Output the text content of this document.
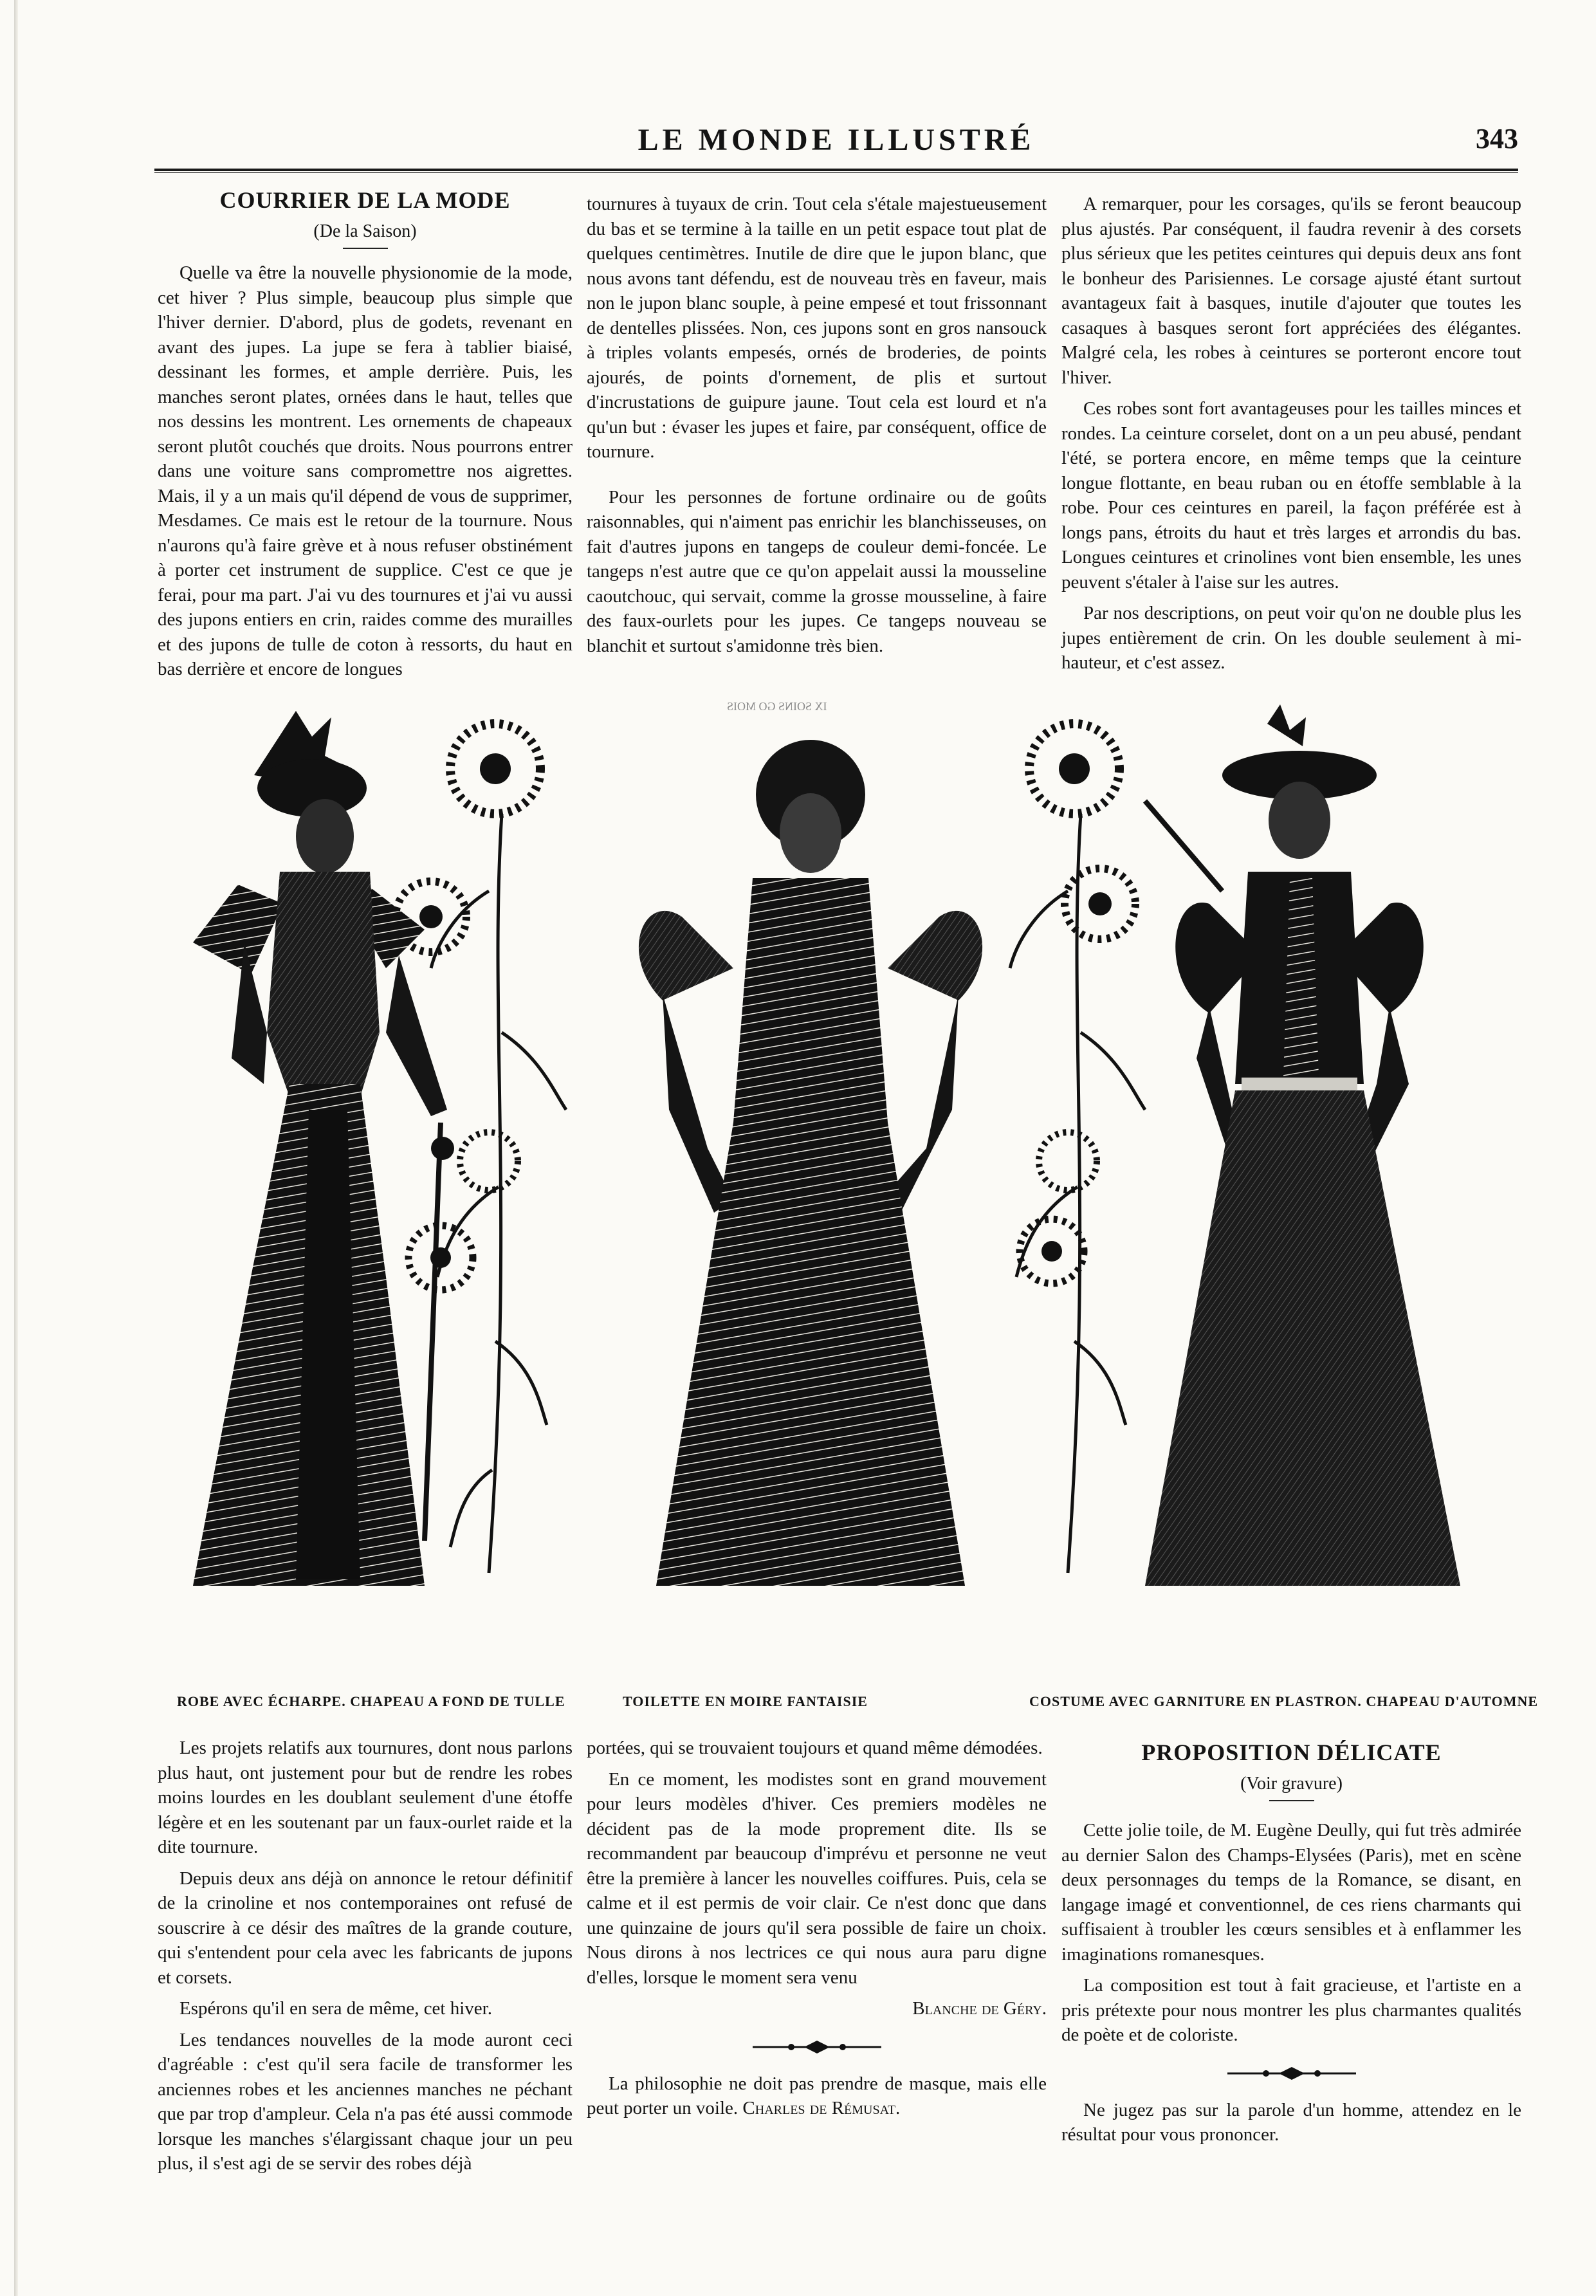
LE MONDE ILLUSTRÉ	343

COURRIER DE LA MODE

(De la Saison)

Quelle va être la nouvelle physionomie de la mode, cet hiver ? Plus simple, beaucoup plus simple que l'hiver dernier. D'abord, plus de godets, revenant en avant des jupes. La jupe se fera à tablier biaisé, dessinant les formes, et ample derrière. Puis, les manches seront plates, ornées dans le haut, telles que nos dessins les montrent. Les ornements de chapeaux seront plutôt couchés que droits. Nous pourrons entrer dans une voiture sans compromettre nos aigrettes. Mais, il y a un mais qu'il dépend de vous de supprimer, Mesdames. Ce mais est le retour de la tournure. Nous n'aurons qu'à faire grève et à nous refuser obstinément à porter cet instrument de supplice. C'est ce que je ferai, pour ma part. J'ai vu des tournures et j'ai vu aussi des jupons entiers en crin, raides comme des murailles et des jupons de tulle de coton à ressorts, du haut en bas derrière et encore de longues

tournures à tuyaux de crin. Tout cela s'étale majestueusement du bas et se termine à la taille en un petit espace tout plat de quelques centimètres. Inutile de dire que le jupon blanc, que nous avons tant défendu, est de nouveau très en faveur, mais non le jupon blanc souple, à peine empesé et tout frissonnant de dentelles plissées. Non, ces jupons sont en gros nansouck à triples volants empesés, ornés de broderies, de points ajourés, de points d'ornement, de plis et surtout d'incrustations de guipure jaune. Tout cela est lourd et n'a qu'un but : évaser les jupes et faire, par conséquent, office de tournure.

Pour les personnes de fortune ordinaire ou de goûts raisonnables, qui n'aiment pas enrichir les blanchisseuses, on fait d'autres jupons en tangeps de couleur demi-foncée. Le tangeps n'est autre que ce qu'on appelait aussi la mousseline caoutchouc, qui servait, comme la grosse mousseline, à faire des faux-ourlets pour les jupes. Ce tangeps nouveau se blanchit et surtout s'amidonne très bien.

A remarquer, pour les corsages, qu'ils se feront beaucoup plus ajustés. Par conséquent, il faudra revenir à des corsets plus sérieux que les petites ceintures qui depuis deux ans font le bonheur des Parisiennes. Le corsage ajusté étant surtout avantageux fait à basques, inutile d'ajouter que toutes les casaques à basques seront fort appréciées des élégantes. Malgré cela, les robes à ceintures se porteront encore tout l'hiver.

Ces robes sont fort avantageuses pour les tailles minces et rondes. La ceinture corselet, dont on a un peu abusé, pendant l'été, se portera encore, en même temps que la ceinture longue flottante, en beau ruban ou en étoffe semblable à la robe. Pour ces ceintures en pareil, la façon préférée est à longs pans, étroits du haut et très larges et arrondis du bas. Longues ceintures et crinolines vont bien ensemble, les unes peuvent s'étaler à l'aise sur les autres.

Par nos descriptions, on peut voir qu'on ne double plus les jupes entièrement de crin. On les double seulement à mi-hauteur, et c'est assez.

IX SOINS GO MOIS
ROBE AVEC ÉCHARPE. CHAPEAU A FOND DE TULLE	TOILETTE EN MOIRE FANTAISIE	COSTUME AVEC GARNITURE EN PLASTRON. CHAPEAU D'AUTOMNE

Les projets relatifs aux tournures, dont nous parlons plus haut, ont justement pour but de rendre les robes moins lourdes en les doublant seulement d'une étoffe légère et en les soutenant par un faux-ourlet raide et la dite tournure.

Depuis deux ans déjà on annonce le retour définitif de la crinoline et nos contemporaines ont refusé de souscrire à ce désir des maîtres de la grande couture, qui s'entendent pour cela avec les fabricants de jupons et corsets.

Espérons qu'il en sera de même, cet hiver.

Les tendances nouvelles de la mode auront ceci d'agréable : c'est qu'il sera facile de transformer les anciennes robes et les anciennes manches ne péchant que par trop d'ampleur. Cela n'a pas été aussi commode lorsque les manches s'élargissant chaque jour un peu plus, il s'est agi de se servir des robes déjà

portées, qui se trouvaient toujours et quand même démodées.

En ce moment, les modistes sont en grand mouvement pour leurs modèles d'hiver. Ces premiers modèles ne décident pas de la mode proprement dite. Ils se recommandent par beaucoup d'imprévu et personne ne veut être la première à lancer les nouvelles coiffures. Puis, cela se calme et il est permis de voir clair. Ce n'est donc que dans une quinzaine de jours qu'il sera possible de faire un choix. Nous dirons à nos lectrices ce qui nous aura paru digne d'elles, lorsque le moment sera venu

Blanche de Géry.

La philosophie ne doit pas prendre de masque, mais elle peut porter un voile. Charles de Rémusat.

PROPOSITION DÉLICATE

(Voir gravure)

Cette jolie toile, de M. Eugène Deully, qui fut très admirée au dernier Salon des Champs-Elysées (Paris), met en scène deux personnages du temps de la Romance, se disant, en langage imagé et conventionnel, de ces riens charmants qui suffisaient à troubler les cœurs sensibles et à enflammer les imaginations romanesques.

La composition est tout à fait gracieuse, et l'artiste en a pris prétexte pour nous montrer les plus charmantes qualités de poète et de coloriste.

Ne jugez pas sur la parole d'un homme, attendez en le résultat pour vous prononcer.
